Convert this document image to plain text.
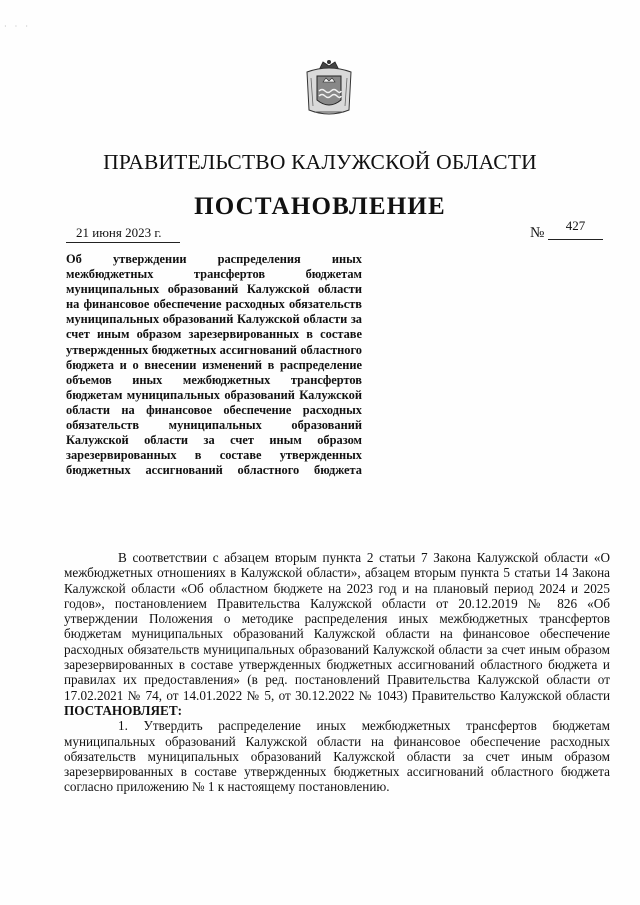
· · ·
ПРАВИТЕЛЬСТВО КАЛУЖСКОЙ ОБЛАСТИ
ПОСТАНОВЛЕНИЕ
21 июня 2023 г.	№	427
Об утверждении распределения иных межбюджетных трансфертов бюджетам муниципальных образований Калужской области на финансовое обеспечение расходных обязательств муниципальных образований Калужской области за счет иным образом зарезервированных в составе утвержденных бюджетных ассигнований областного бюджета и о внесении изменений в распределение объемов иных межбюджетных трансфертов бюджетам муниципальных образований Калужской области на финансовое обеспечение расходных обязательств муниципальных образований Калужской области за счет иным образом зарезервированных в составе утвержденных бюджетных ассигнований областного бюджета

В соответствии с абзацем вторым пункта 2 статьи 7 Закона Калужской области «О межбюджетных отношениях в Калужской области», абзацем вторым пункта 5 статьи 14 Закона Калужской области «Об областном бюджете на 2023 год и на плановый период 2024 и 2025 годов», постановлением Правительства Калужской области от 20.12.2019 № 826 «Об утверждении Положения о методике распределения иных межбюджетных трансфертов бюджетам муниципальных образований Калужской области на финансовое обеспечение расходных обязательств муниципальных образований Калужской области за счет иным образом зарезервированных в составе утвержденных бюджетных ассигнований областного бюджета и правилах их предоставления» (в ред. постановлений Правительства Калужской области от 17.02.2021 № 74, от 14.01.2022 № 5, от 30.12.2022 № 1043) Правительство Калужской области ПОСТАНОВЛЯЕТ:

1. Утвердить распределение иных межбюджетных трансфертов бюджетам муниципальных образований Калужской области на финансовое обеспечение расходных обязательств муниципальных образований Калужской области за счет иным образом зарезервированных в составе утвержденных бюджетных ассигнований областного бюджета согласно приложению № 1 к настоящему постановлению.
